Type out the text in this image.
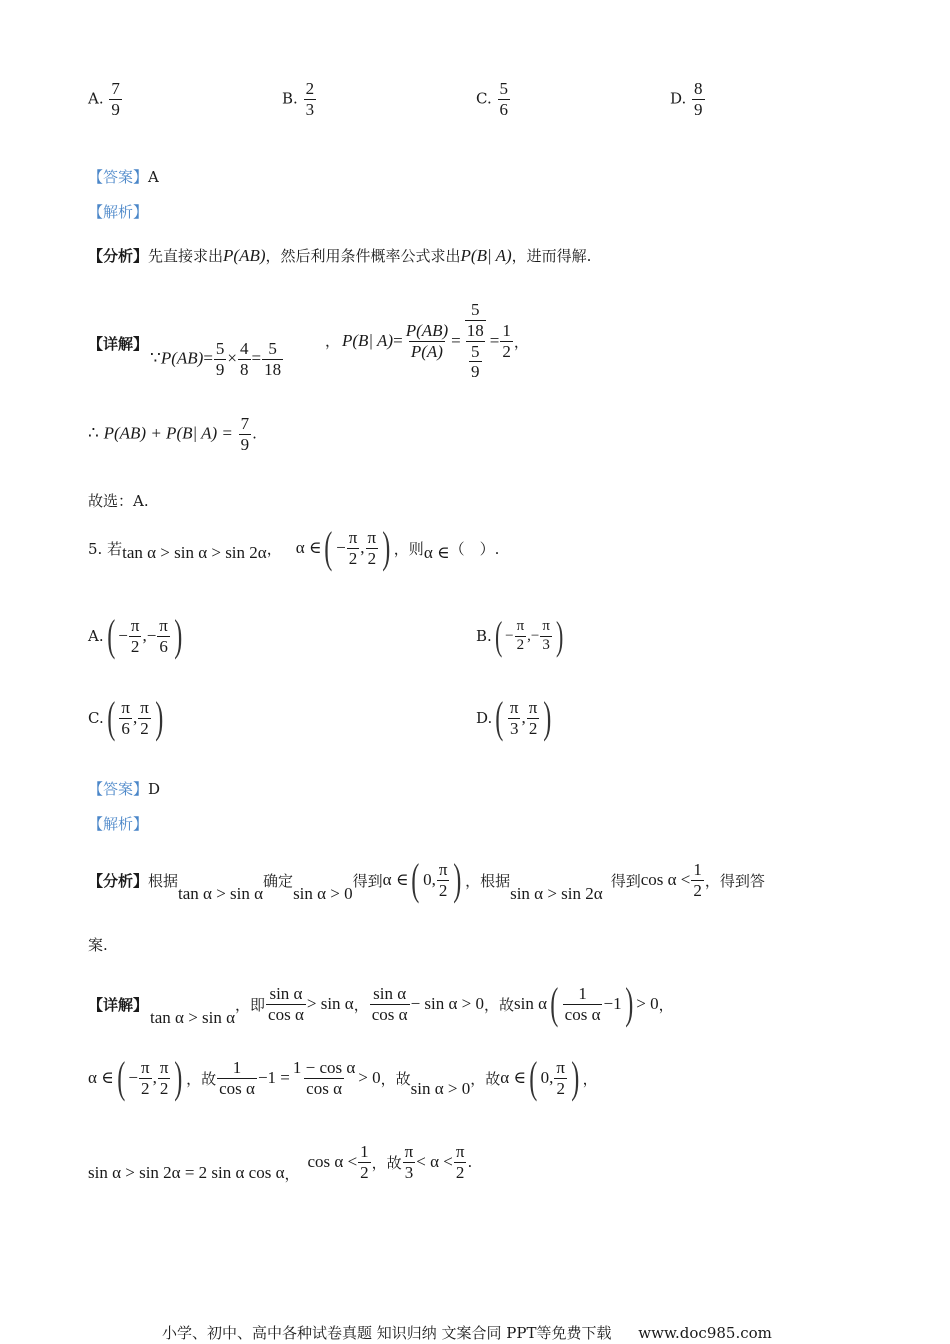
A. $\frac{7}{9}$	B. $\frac{2}{3}$	C. $\frac{5}{6}$	D. $\frac{8}{9}$
【答案】A
【解析】
【分析】先直接求出P(AB)，然后利用条件概率公式求出P(B| A)，进而得解.
【详解】
∵P(AB)= $\frac{5}{9} \times \frac{4}{8} = \frac{5}{18}$	， P(B| $A) = \frac{P(AB)}{P(A)} = \frac{\frac{5}{18}}{\frac{5}{9}} = \frac{1}{2}$ ，
∴ P(AB) + P(B| $A) = \frac{7}{9}$ .
故选：A.
5. 若 tan α > sin α > sin 2α ， α ∈ ( − $\frac{\pi}{2}$ , $\frac{\pi}{2}$ ) ，则 α ∈ （　）.
A. ( − $\frac{\pi}{2}$ , − $\frac{\pi}{6}$ )	B. ( − $\frac{\pi}{2}$ , − $\frac{\pi}{3}$ )
C. ( $\frac{\pi}{6}$ , $\frac{\pi}{2}$ )	D. ( $\frac{\pi}{3}$ , $\frac{\pi}{2}$ )
【答案】D
【解析】
【分析】 根据
tan α > sin α
确定
sin α > 0
得到 α ∈ ( 0, $\frac{\pi}{2}$ ) ，根据
sin α > sin 2α
得到 $\cos \alpha < \frac{1}{2}$ ，得到答
案.
【详解】
tan α > sin α
，即 $\frac{\text{sin α}}{\text{cos α}} > \sin \alpha$ ， $\frac{\text{sin α}}{\text{cos α}} - \sin \alpha > 0$ ，故 sin α ( $\frac{1}{\text{cos α}} -1$ ) > 0 ，
α ∈ ( − $\frac{\pi}{2}$ , $\frac{\pi}{2}$ ) ，故 $\frac{1}{\text{cos α}} -1 = \frac{\text{1 − cos α}}{\text{cos α}} > 0$ ，故
sin α > 0
，故 α ∈ ( 0, $\frac{\pi}{2}$ ) ，
sin α > sin 2α = 2 sin α cos α ，
$\cos \alpha < \frac{1}{2}$ ，故 $\frac{\pi}{3} < \alpha < \frac{\pi}{2}$ .
小学、初中、高中各种试卷真题 知识归纳 文案合同 PPT等免费下载 www.doc985.com
